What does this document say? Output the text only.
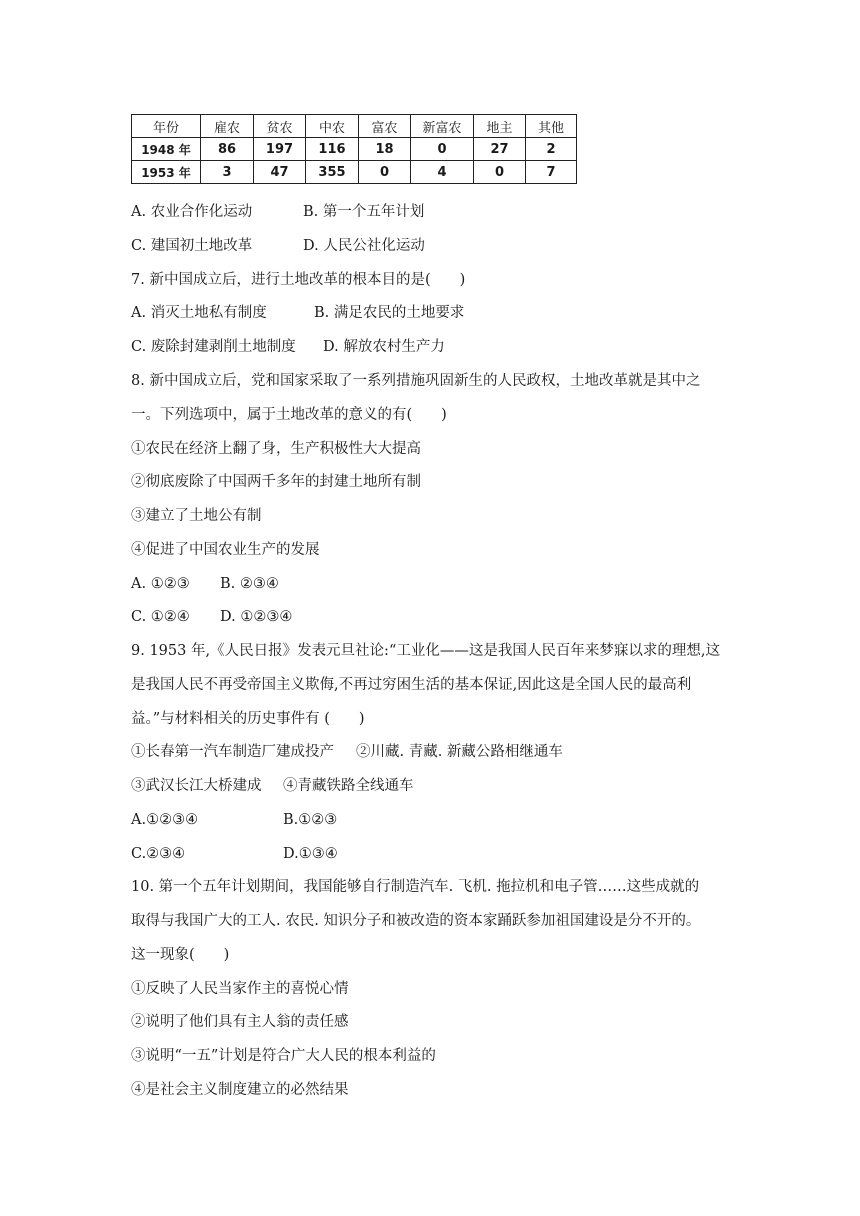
年份	雇农	贫农	中农	富农	新富农	地主	其他
1948 年	86	197	116	18	0	27	2
1953 年	3	47	355	0	4	0	7
A. 农业合作化运动	B. 第一个五年计划
C. 建国初土地改革	D. 人民公社化运动
7. 新中国成立后，进行土地改革的根本目的是(　　)
A. 消灭土地私有制度	B. 满足农民的土地要求
C. 废除封建剥削土地制度 D. 解放农村生产力
8. 新中国成立后，党和国家采取了一系列措施巩固新生的人民政权，土地改革就是其中之
一。下列选项中，属于土地改革的意义的有(　　)
①农民在经济上翻了身，生产积极性大大提高
②彻底废除了中国两千多年的封建土地所有制
③建立了土地公有制
④促进了中国农业生产的发展
A. ①②③ B. ②③④
C. ①②④ D. ①②③④
9. 1953 年,《人民日报》发表元旦社论:“工业化——这是我国人民百年来梦寐以求的理想,这
是我国人民不再受帝国主义欺侮,不再过穷困生活的基本保证,因此这是全国人民的最高利
益。”与材料相关的历史事件有 (　　)
①长春第一汽车制造厂建成投产 ②川藏. 青藏. 新藏公路相继通车
③武汉长江大桥建成 ④青藏铁路全线通车
A.①②③④	B.①②③
C.②③④	D.①③④
10. 第一个五年计划期间，我国能够自行制造汽车. 飞机. 拖拉机和电子管……这些成就的
取得与我国广大的工人. 农民. 知识分子和被改造的资本家踊跃参加祖国建设是分不开的。
这一现象(　　)
①反映了人民当家作主的喜悦心情
②说明了他们具有主人翁的责任感
③说明“一五”计划是符合广大人民的根本利益的
④是社会主义制度建立的必然结果
